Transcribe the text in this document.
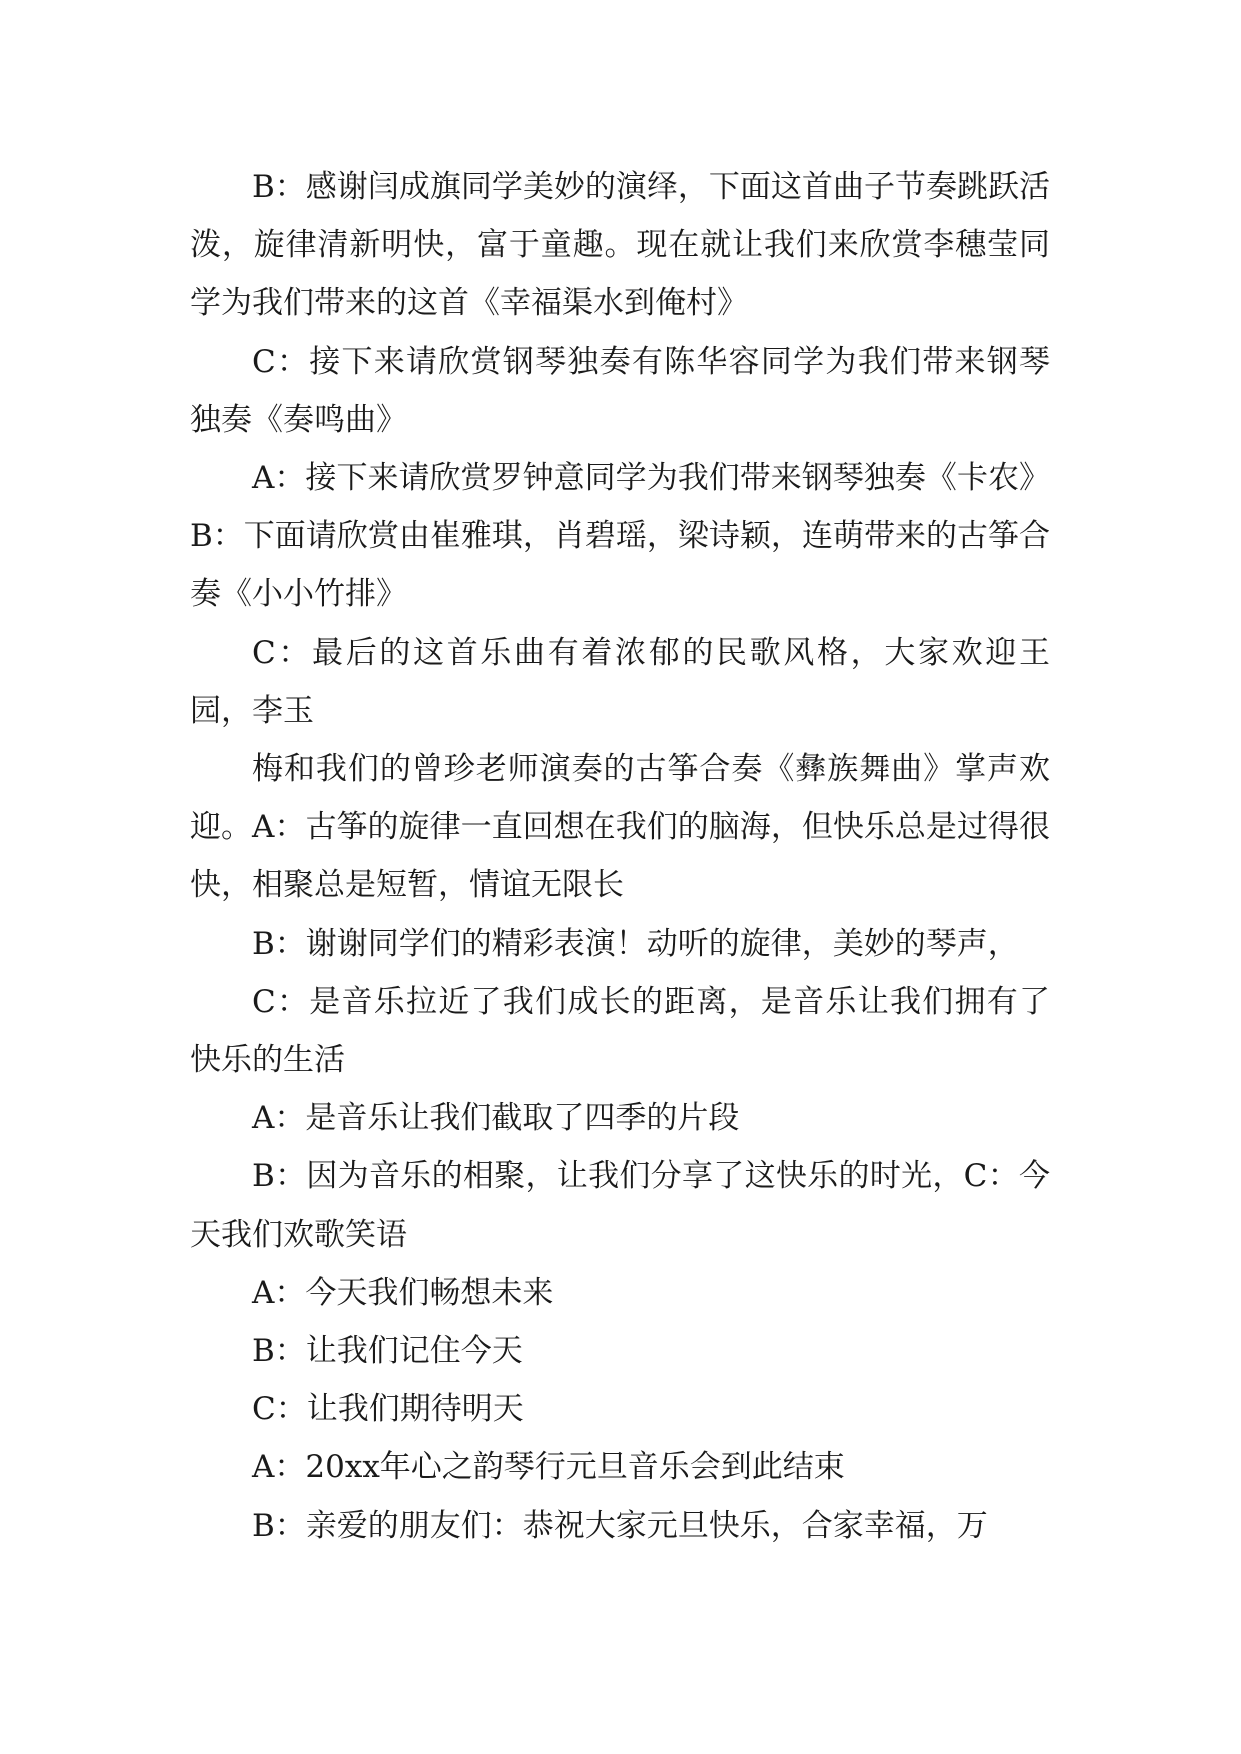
B：感谢闫成旗同学美妙的演绎，下面这首曲子节奏跳跃活泼，旋律清新明快，富于童趣。现在就让我们来欣赏李穗莹同学为我们带来的这首《幸福渠水到俺村》

C：接下来请欣赏钢琴独奏有陈华容同学为我们带来钢琴独奏《奏鸣曲》

A：接下来请欣赏罗钟意同学为我们带来钢琴独奏《卡农》B：下面请欣赏由崔雅琪，肖碧瑶，梁诗颖，连萌带来的古筝合奏《小小竹排》

C：最后的这首乐曲有着浓郁的民歌风格，大家欢迎王园，李玉

梅和我们的曾珍老师演奏的古筝合奏《彝族舞曲》掌声欢迎。A：古筝的旋律一直回想在我们的脑海，但快乐总是过得很快，相聚总是短暂，情谊无限长

B：谢谢同学们的精彩表演！动听的旋律，美妙的琴声，

C：是音乐拉近了我们成长的距离，是音乐让我们拥有了快乐的生活

A：是音乐让我们截取了四季的片段

B：因为音乐的相聚，让我们分享了这快乐的时光，C：今天我们欢歌笑语

A：今天我们畅想未来

B：让我们记住今天

C：让我们期待明天

A：20xx年心之韵琴行元旦音乐会到此结束

B：亲爱的朋友们：恭祝大家元旦快乐，合家幸福，万
